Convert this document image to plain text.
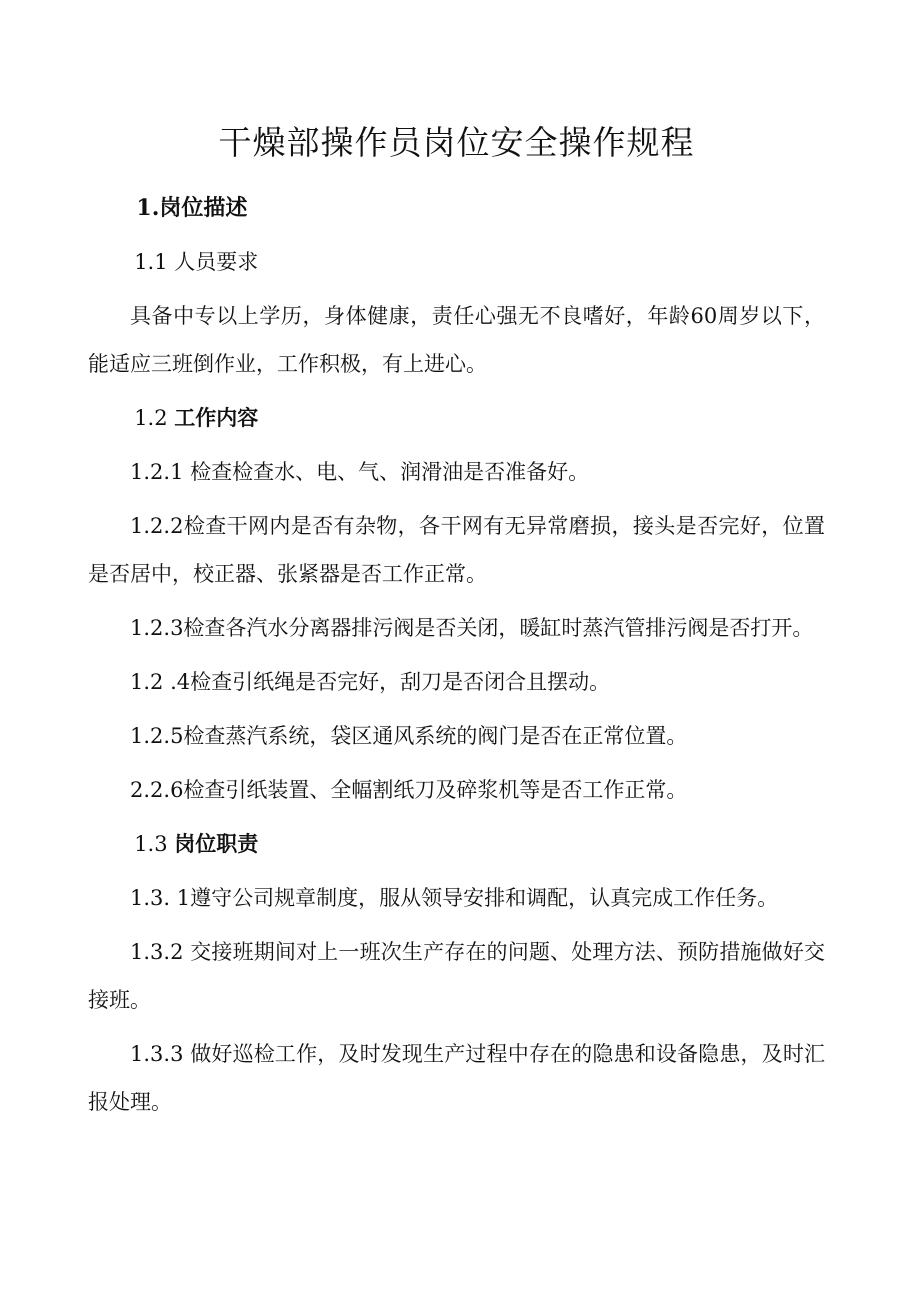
干燥部操作员岗位安全操作规程
1.岗位描述
1.1 人员要求
具备中专以上学历，身体健康，责任心强无不良嗜好，年龄60周岁以下，能适应三班倒作业，工作积极，有上进心。
1.2 工作内容
1.2.1 检查检查水、电、气、润滑油是否准备好。
1.2.2检查干网内是否有杂物，各干网有无异常磨损，接头是否完好，位置是否居中，校正器、张紧器是否工作正常。
1.2.3检查各汽水分离器排污阀是否关闭，暖缸时蒸汽管排污阀是否打开。
1.2 .4检查引纸绳是否完好，刮刀是否闭合且摆动。
1.2.5检查蒸汽系统，袋区通风系统的阀门是否在正常位置。
2.2.6检查引纸装置、全幅割纸刀及碎浆机等是否工作正常。
1.3 岗位职责
1.3. 1遵守公司规章制度，服从领导安排和调配，认真完成工作任务。
1.3.2 交接班期间对上一班次生产存在的问题、处理方法、预防措施做好交接班。
1.3.3 做好巡检工作，及时发现生产过程中存在的隐患和设备隐患，及时汇报处理。
